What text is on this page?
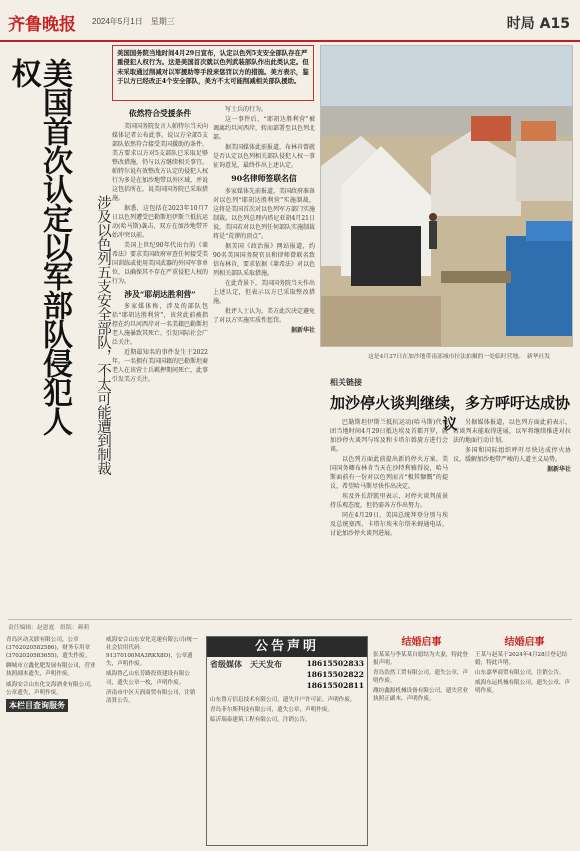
齐鲁晚报 2024年5月1日　星期三	时局 A15
美国国务院当地时间4月29日宣布，认定以色列5支安全部队存在严重侵犯人权行为。这是美国首次就以色列武装部队作出此类认定。但未采取通过削减对以军援助等手段来惩罚以方的措施。美方表示，鉴于以方已经改正4个安全部队，美方不太可能削减相关部队援助。
美国首次认定以军部队侵犯人权
涉及以色列五支安全部队，不太可能遭到制裁
依然符合受援条件

美国国务院发言人帕特尔当天向媒体记者公布此事。说以方全部5支部队依然符合接受美国援助的条件，美方要求以方对5支部队已采取足够整改措施，仍与以方继续相关事宜。帕特尔说有效整改方认定的侵犯人权行为多是在加沙地带以外区域，并说这包括所在，说美国国务院已采取措施。

据悉，这包括在2023年10月7日以色列遭受巴勒斯坦伊斯兰抵抗运动(哈马斯)袭击、双方在加沙地带开始冲突以前。

美国上世纪90年代出台的《莱希法》要求美国政府审查任何接受美国训练或使用美国武器的外国军事单位，以确保其不存在严重侵犯人权的行为。

涉及“耶胡达胜利营”

多家媒体称，涉及的部队包括“耶胡达胜利营”，该营此前被指控在约旦河西岸对一名美籍巴勒斯坦老人施暴致其死亡，引发国际社会广泛关注。

近期最知名的事件发生于2022年，一名拥有美国国籍的巴勒斯坦裔老人在该营士兵羁押期间死亡，此事引发美方关注。

写士兵的行为。

这一事件后，“耶胡达胜利营”被调离约旦河西岸，转而部署至以色列北部。

据美国媒体此前报道，布林肯曾就是否认定以色列相关部队侵犯人权一事征询意见，最终作出上述认定。

90名律师签联名信

多家媒体先前报道，美国政府准备对以色列“耶胡达胜利营”实施制裁，这将是美国首次对以色列军方部门实施制裁。以色列总理内塔尼亚胡4月21日说，美国若对以色列任何部队实施制裁将是“荒谬的顶点”。

据美国《政治报》网站报道，约90名美国国务院官员和律师曾联名致信布林肯，要求依据《莱希法》对以色列相关部队采取措施。

在此背景下，美国国务院当天作出上述认定，但表示以方已采取整改措施。

批评人士认为，美方此次决定避免了对以方实施实质性惩罚。

据新华社
这是4月27日在加沙地带南部城市拉法拍摄的一处临时营地。　新华社发
相关链接
加沙停火谈判继续，多方呼吁达成协议

巴勒斯坦伊斯兰抵抗运动(哈马斯)代表团当地时间4月29日抵达埃及首都开罗，就加沙停火谈判与埃及和卡塔尔斡旋方进行会谈。

以色列方面此前提出新的停火方案。美国国务卿布林肯当天在沙特利雅得说，哈马斯面前有一份对以色列而言“极其慷慨”的提议，希望哈马斯尽快作出决定。

埃及外长舒凯里表示，对停火谈判前景持乐观态度，但仍需各方作出努力。

同在4月29日，美国总统拜登分别与埃及总统塞西、卡塔尔埃米尔塔米姆通电话，讨论加沙停火谈判进展。

另据媒体报道，以色列方面此前表示，若谈判未能取得进展，以军将继续推进对拉法的地面行动计划。

多国和国际组织呼吁尽快达成停火协议，缓解加沙地带严峻的人道主义局势。

据新华社
责任编辑：赵恩霆　组版：颜莉

青岛区动关联有限公司，公章(3702020582586)，财务专用章(3702020583655)，遗失作废。

聊城市立鑫化肥发展有限公司，营业执照副本遗失，声明作废。

威海安合山东化交海酒业有限公司，公章遗失，声明作废。

本栏目查询服务

威海安合山东安化竞速有限公司(统一社会信用代码：91370100MA3RKX8D)，公章遗失，声明作废。

威海鲁乙山东芳路投资建设有限公司，遗失公章一枚，声明作废。

济南市中区天润商贸有限公司，注销清算公告。

公告声明
省级媒体　天天发布	18615502833
18615502822
18615502811

山东鲁万信息技术有限公司，遗失开户许可证，声明作废。

青岛菲尔斯科技有限公司，遗失公章，声明作废。

临沂瑞泰建筑工程有限公司，注销公告。

结婚启事

张某某与李某某自愿结为夫妻，特此登报声明。

青岛浩然工贸有限公司，遗失公章，声明作废。

潍坊鑫源机械设备有限公司，遗失营业执照正副本，声明作废。

结婚启事

王某与赵某于2024年4月28日登记结婚，特此声明。

山东嘉华商贸有限公司，注销公告。

威海东运机械有限公司，遗失公章，声明作废。
